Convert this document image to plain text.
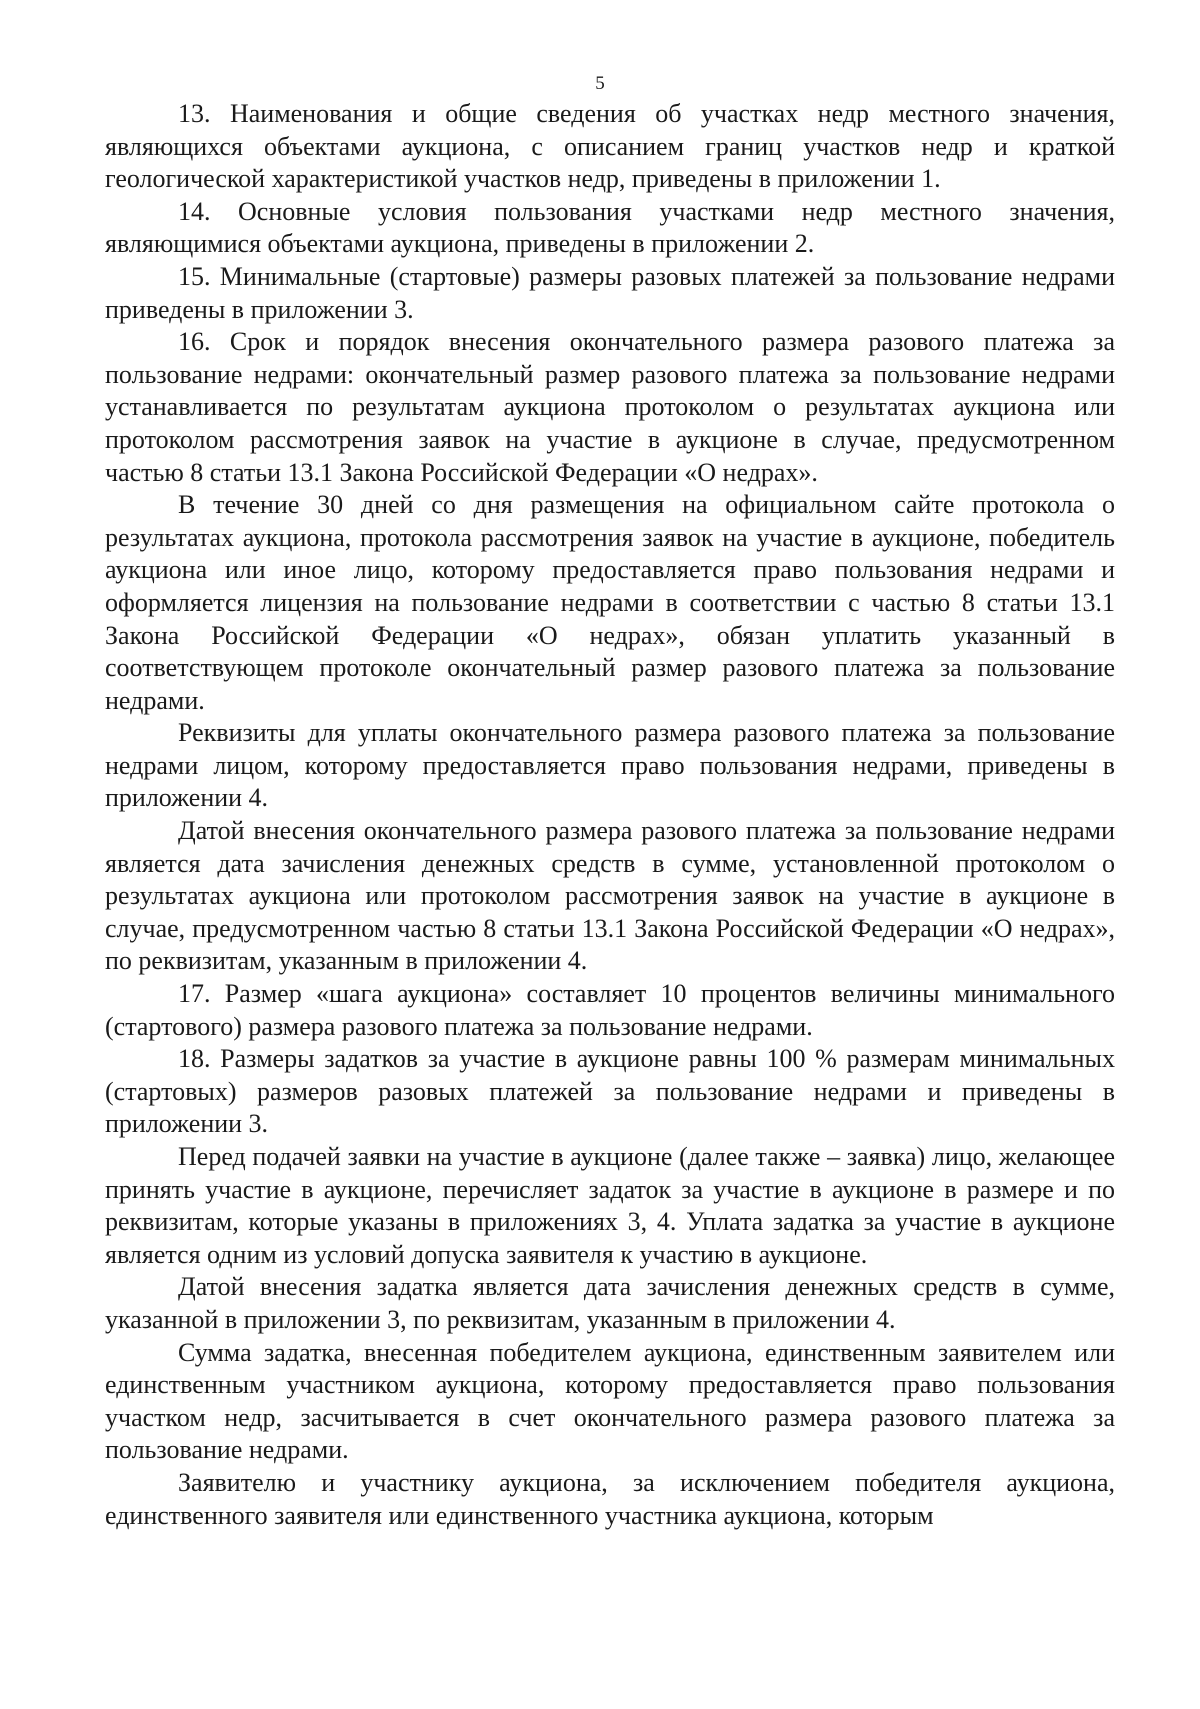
5

13. Наименования и общие сведения об участках недр местного значения, являющихся объектами аукциона, с описанием границ участков недр и краткой геологической характеристикой участков недр, приведены в приложении 1.

14. Основные условия пользования участками недр местного значения, являющимися объектами аукциона, приведены в приложении 2.

15. Минимальные (стартовые) размеры разовых платежей за пользование недрами приведены в приложении 3.

16. Срок и порядок внесения окончательного размера разового платежа за пользование недрами: окончательный размер разового платежа за пользование недрами устанавливается по результатам аукциона протоколом о результатах аукциона или протоколом рассмотрения заявок на участие в аукционе в случае, предусмотренном частью 8 статьи 13.1 Закона Российской Федерации «О недрах».

В течение 30 дней со дня размещения на официальном сайте протокола о результатах аукциона, протокола рассмотрения заявок на участие в аукционе, победитель аукциона или иное лицо, которому предоставляется право пользования недрами и оформляется лицензия на пользование недрами в соответствии с частью 8 статьи 13.1 Закона Российской Федерации «О недрах», обязан уплатить указанный в соответствующем протоколе окончательный размер разового платежа за пользование недрами.

Реквизиты для уплаты окончательного размера разового платежа за пользование недрами лицом, которому предоставляется право пользования недрами, приведены в приложении 4.

Датой внесения окончательного размера разового платежа за пользование недрами является дата зачисления денежных средств в сумме, установленной протоколом о результатах аукциона или протоколом рассмотрения заявок на участие в аукционе в случае, предусмотренном частью 8 статьи 13.1 Закона Российской Федерации «О недрах», по реквизитам, указанным в приложении 4.

17. Размер «шага аукциона» составляет 10 процентов величины минимального (стартового) размера разового платежа за пользование недрами.

18. Размеры задатков за участие в аукционе равны 100 % размерам минимальных (стартовых) размеров разовых платежей за пользование недрами и приведены в приложении 3.

Перед подачей заявки на участие в аукционе (далее также – заявка) лицо, желающее принять участие в аукционе, перечисляет задаток за участие в аукционе в размере и по реквизитам, которые указаны в приложениях 3, 4. Уплата задатка за участие в аукционе является одним из условий допуска заявителя к участию в аукционе.

Датой внесения задатка является дата зачисления денежных средств в сумме, указанной в приложении 3, по реквизитам, указанным в приложении 4.

Сумма задатка, внесенная победителем аукциона, единственным заявителем или единственным участником аукциона, которому предоставляется право пользования участком недр, засчитывается в счет окончательного размера разового платежа за пользование недрами.

Заявителю и участнику аукциона, за исключением победителя аукциона, единственного заявителя или единственного участника аукциона, которым
